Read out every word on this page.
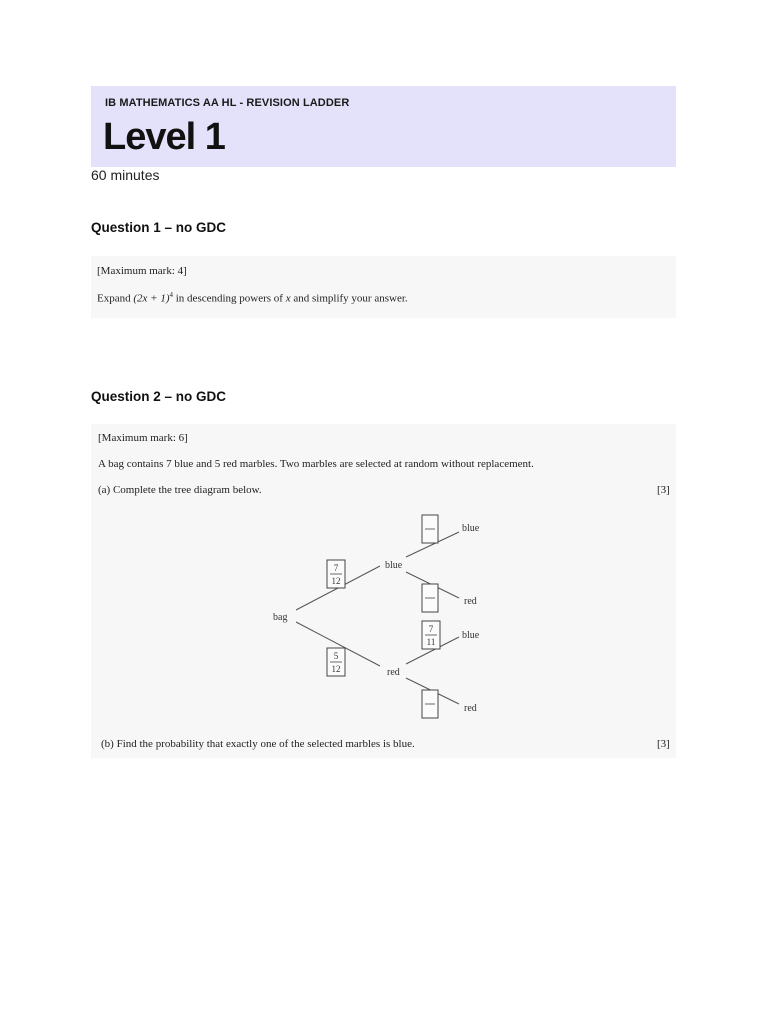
IB MATHEMATICS AA HL - REVISION LADDER
Level 1
60 minutes
Question 1 – no GDC
[Maximum mark: 4]
Expand $(2x + 1)^4$ in descending powers of x and simplify your answer.
Question 2 – no GDC
[Maximum mark: 6]
A bag contains 7 blue and 5 red marbles. Two marbles are selected at random without replacement.
(a) Complete the tree diagram below.	[3]
bag
blue
red
blue
red
blue
red
7
12
5
12
7
11
(b) Find the probability that exactly one of the selected marbles is blue.	[3]
